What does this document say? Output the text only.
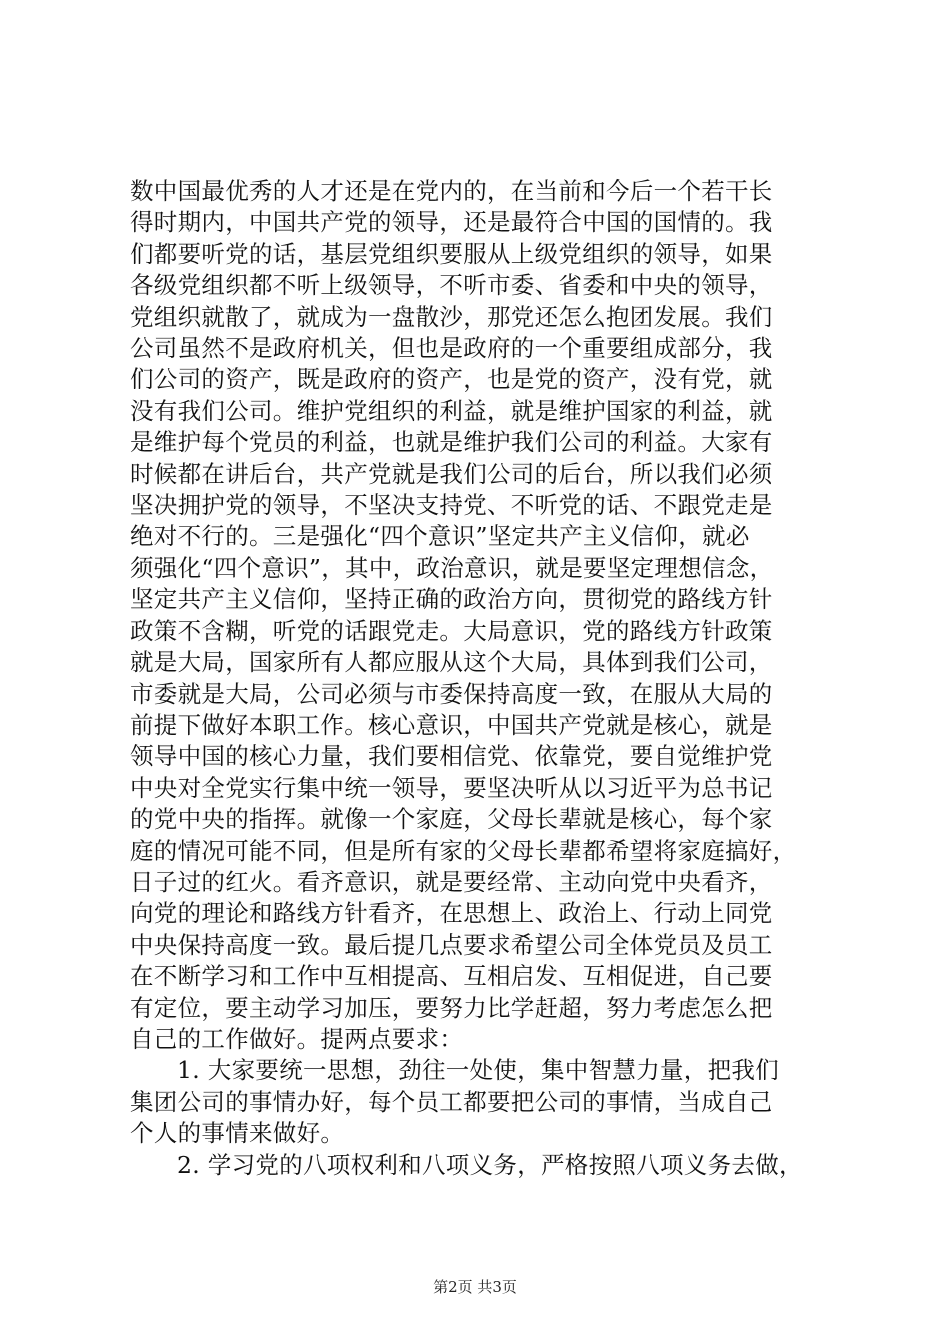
数中国最优秀的人才还是在党内的，在当前和今后一个若干长
得时期内，中国共产党的领导，还是最符合中国的国情的。我
们都要听党的话，基层党组织要服从上级党组织的领导，如果
各级党组织都不听上级领导，不听市委、省委和中央的领导，
党组织就散了，就成为一盘散沙，那党还怎么抱团发展。我们
公司虽然不是政府机关，但也是政府的一个重要组成部分，我
们公司的资产，既是政府的资产，也是党的资产，没有党，就
没有我们公司。维护党组织的利益，就是维护国家的利益，就
是维护每个党员的利益，也就是维护我们公司的利益。大家有
时候都在讲后台，共产党就是我们公司的后台，所以我们必须
坚决拥护党的领导，不坚决支持党、不听党的话、不跟党走是
绝对不行的。三是强化“四个意识”坚定共产主义信仰，就必
须强化“四个意识”，其中，政治意识，就是要坚定理想信念，
坚定共产主义信仰，坚持正确的政治方向，贯彻党的路线方针
政策不含糊，听党的话跟党走。大局意识，党的路线方针政策
就是大局，国家所有人都应服从这个大局，具体到我们公司，
市委就是大局，公司必须与市委保持高度一致，在服从大局的
前提下做好本职工作。核心意识，中国共产党就是核心，就是
领导中国的核心力量，我们要相信党、依靠党，要自觉维护党
中央对全党实行集中统一领导，要坚决听从以习近平为总书记
的党中央的指挥。就像一个家庭，父母长辈就是核心，每个家
庭的情况可能不同，但是所有家的父母长辈都希望将家庭搞好，
日子过的红火。看齐意识，就是要经常、主动向党中央看齐，
向党的理论和路线方针看齐，在思想上、政治上、行动上同党
中央保持高度一致。最后提几点要求希望公司全体党员及员工
在不断学习和工作中互相提高、互相启发、互相促进，自己要
有定位，要主动学习加压，要努力比学赶超，努力考虑怎么把
自己的工作做好。提两点要求：
1. 大家要统一思想，劲往一处使，集中智慧力量，把我们
集团公司的事情办好，每个员工都要把公司的事情，当成自己
个人的事情来做好。
2. 学习党的八项权利和八项义务，严格按照八项义务去做，
第2页 共3页
